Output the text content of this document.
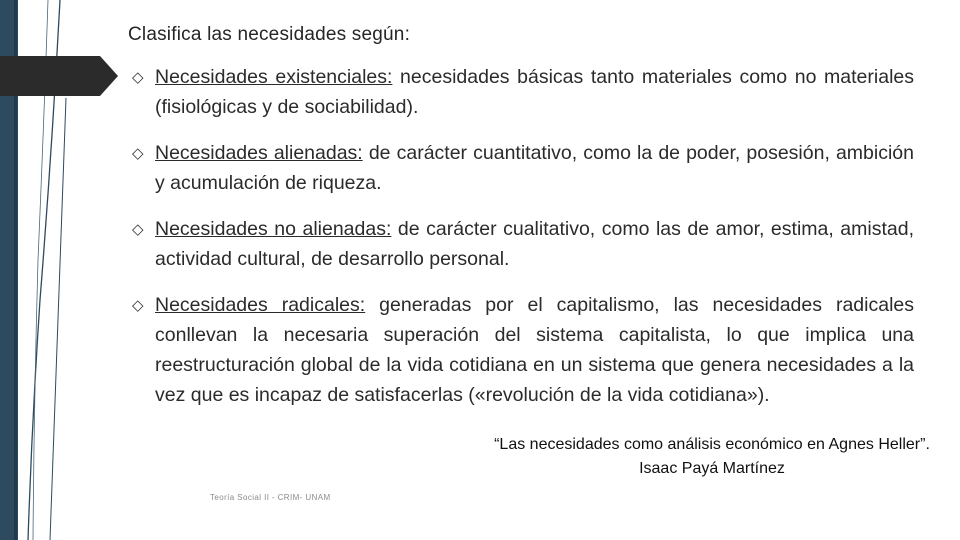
Clasifica las necesidades según:
◇ Necesidades existenciales: necesidades básicas tanto materiales como no materiales (fisiológicas y de sociabilidad).
◇ Necesidades alienadas: de carácter cuantitativo, como la de poder, posesión, ambición y acumulación de riqueza.
◇ Necesidades no alienadas: de carácter cualitativo, como las de amor, estima, amistad, actividad cultural, de desarrollo personal.
◇ Necesidades radicales: generadas por el capitalismo, las necesidades radicales conllevan la necesaria superación del sistema capitalista, lo que implica una reestructuración global de la vida cotidiana en un sistema que genera necesidades a la vez que es incapaz de satisfacerlas («revolución de la vida cotidiana»).
“Las necesidades como análisis económico en Agnes Heller”.
Isaac Payá Martínez
Teoría Social II - CRIM- UNAM
